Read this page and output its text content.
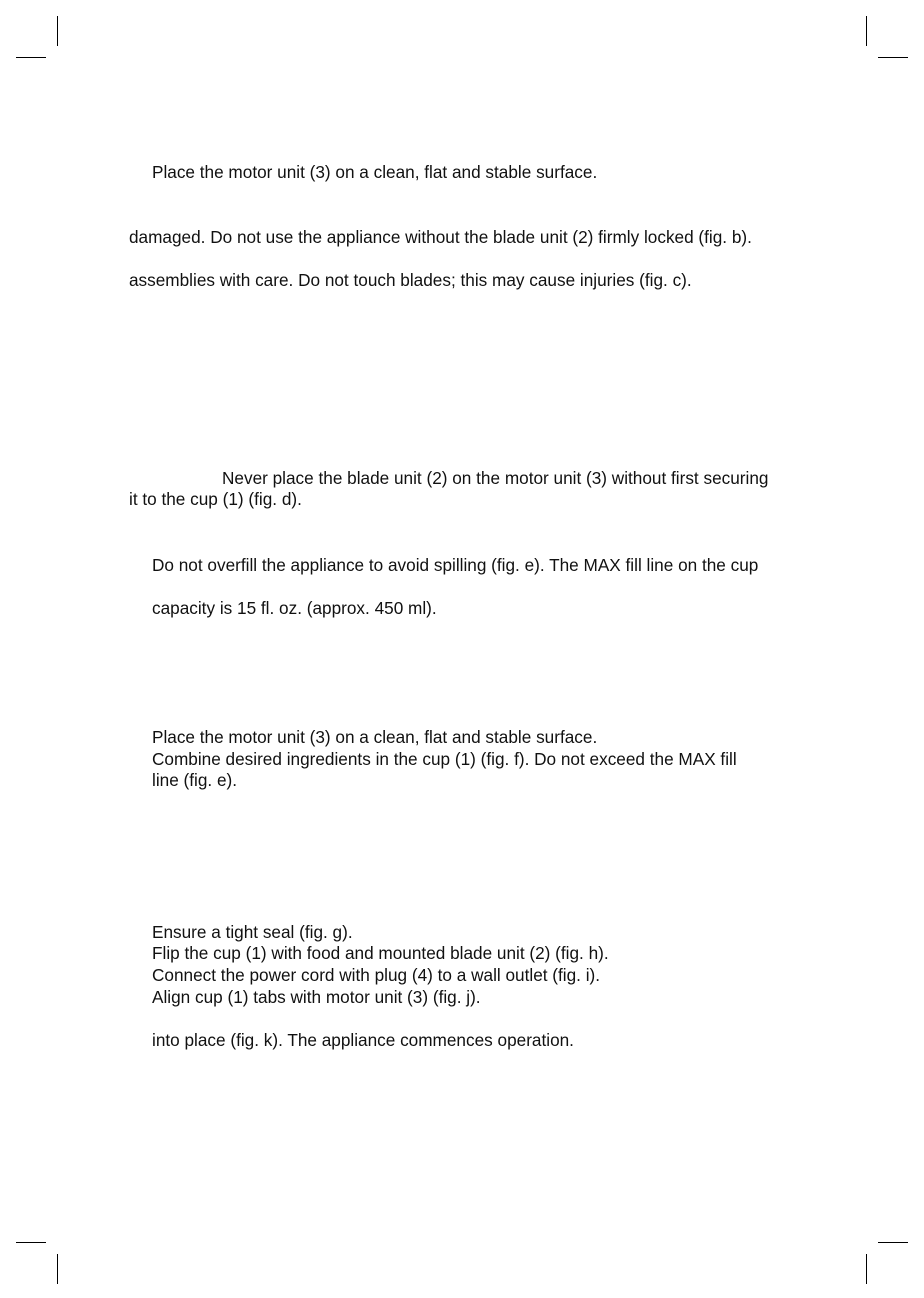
Place the motor unit (3) on a clean, flat and stable surface.
damaged. Do not use the appliance without the blade unit (2) firmly locked (fig. b).
assemblies with care. Do not touch blades; this may cause injuries (fig. c).
Never place the blade unit (2) on the motor unit (3) without first securing
it to the cup (1) (fig. d).
Do not overfill the appliance to avoid spilling (fig. e). The MAX fill line on the cup
capacity is 15 fl. oz. (approx. 450 ml).
Place the motor unit (3) on a clean, flat and stable surface.
Combine desired ingredients in the cup (1) (fig. f). Do not exceed the MAX fill
line (fig. e).
Ensure a tight seal (fig. g).
Flip the cup (1) with food and mounted blade unit (2) (fig. h).
Connect the power cord with plug (4) to a wall outlet (fig. i).
Align cup (1) tabs with motor unit (3) (fig. j).
into place (fig. k). The appliance commences operation.
